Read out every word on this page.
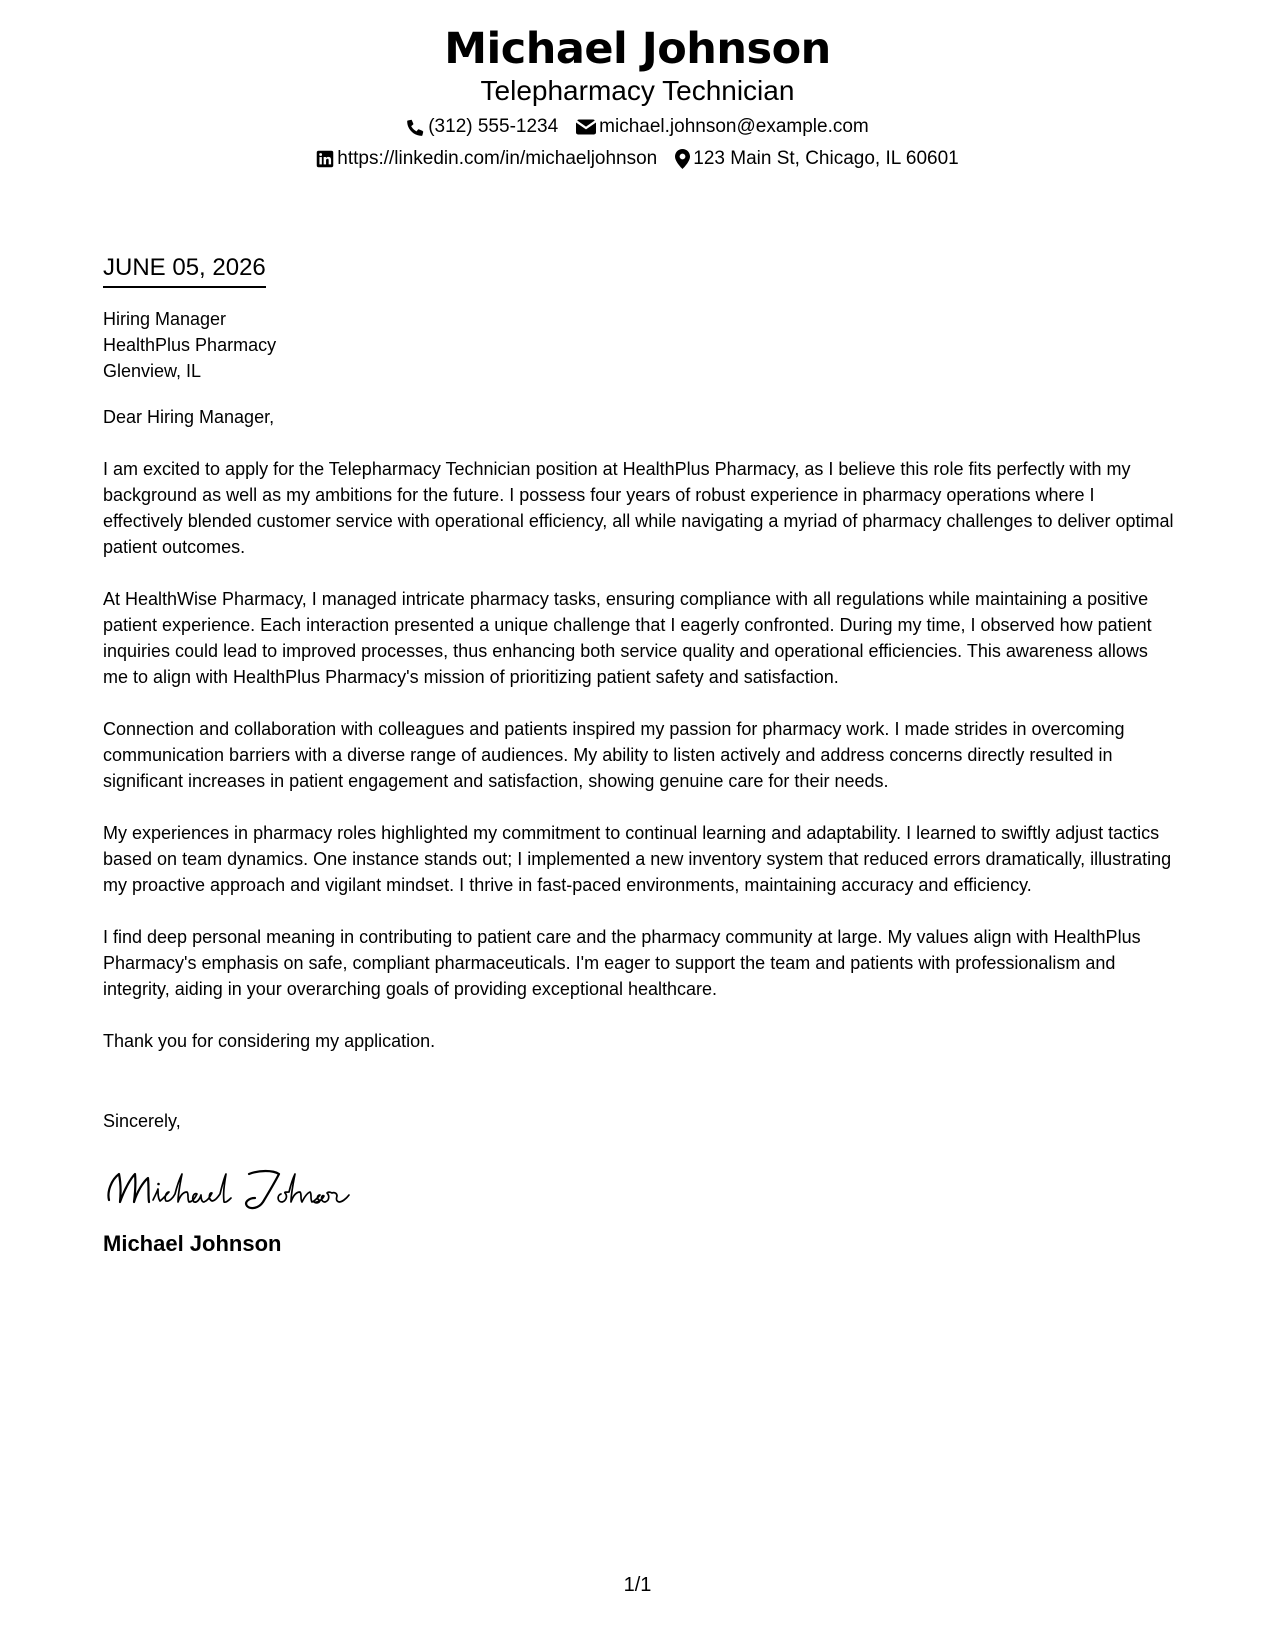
Michael Johnson
Telepharmacy Technician
(312) 555-1234 michael.johnson@example.com
https://linkedin.com/in/michaeljohnson 123 Main St, Chicago, IL 60601
JUNE 05, 2026
Hiring Manager
HealthPlus Pharmacy
Glenview, IL
Dear Hiring Manager,
I am excited to apply for the Telepharmacy Technician position at HealthPlus Pharmacy, as I believe this role fits perfectly with my background as well as my ambitions for the future. I possess four years of robust experience in pharmacy operations where I effectively blended customer service with operational efficiency, all while navigating a myriad of pharmacy challenges to deliver optimal patient outcomes.
At HealthWise Pharmacy, I managed intricate pharmacy tasks, ensuring compliance with all regulations while maintaining a positive patient experience. Each interaction presented a unique challenge that I eagerly confronted. During my time, I observed how patient inquiries could lead to improved processes, thus enhancing both service quality and operational efficiencies. This awareness allows me to align with HealthPlus Pharmacy's mission of prioritizing patient safety and satisfaction.
Connection and collaboration with colleagues and patients inspired my passion for pharmacy work. I made strides in overcoming communication barriers with a diverse range of audiences. My ability to listen actively and address concerns directly resulted in significant increases in patient engagement and satisfaction, showing genuine care for their needs.
My experiences in pharmacy roles highlighted my commitment to continual learning and adaptability. I learned to swiftly adjust tactics based on team dynamics. One instance stands out; I implemented a new inventory system that reduced errors dramatically, illustrating my proactive approach and vigilant mindset. I thrive in fast-paced environments, maintaining accuracy and efficiency.
I find deep personal meaning in contributing to patient care and the pharmacy community at large. My values align with HealthPlus Pharmacy's emphasis on safe, compliant pharmaceuticals. I'm eager to support the team and patients with professionalism and integrity, aiding in your overarching goals of providing exceptional healthcare.
Thank you for considering my application.
Sincerely,
Michael Johnson
1/1
